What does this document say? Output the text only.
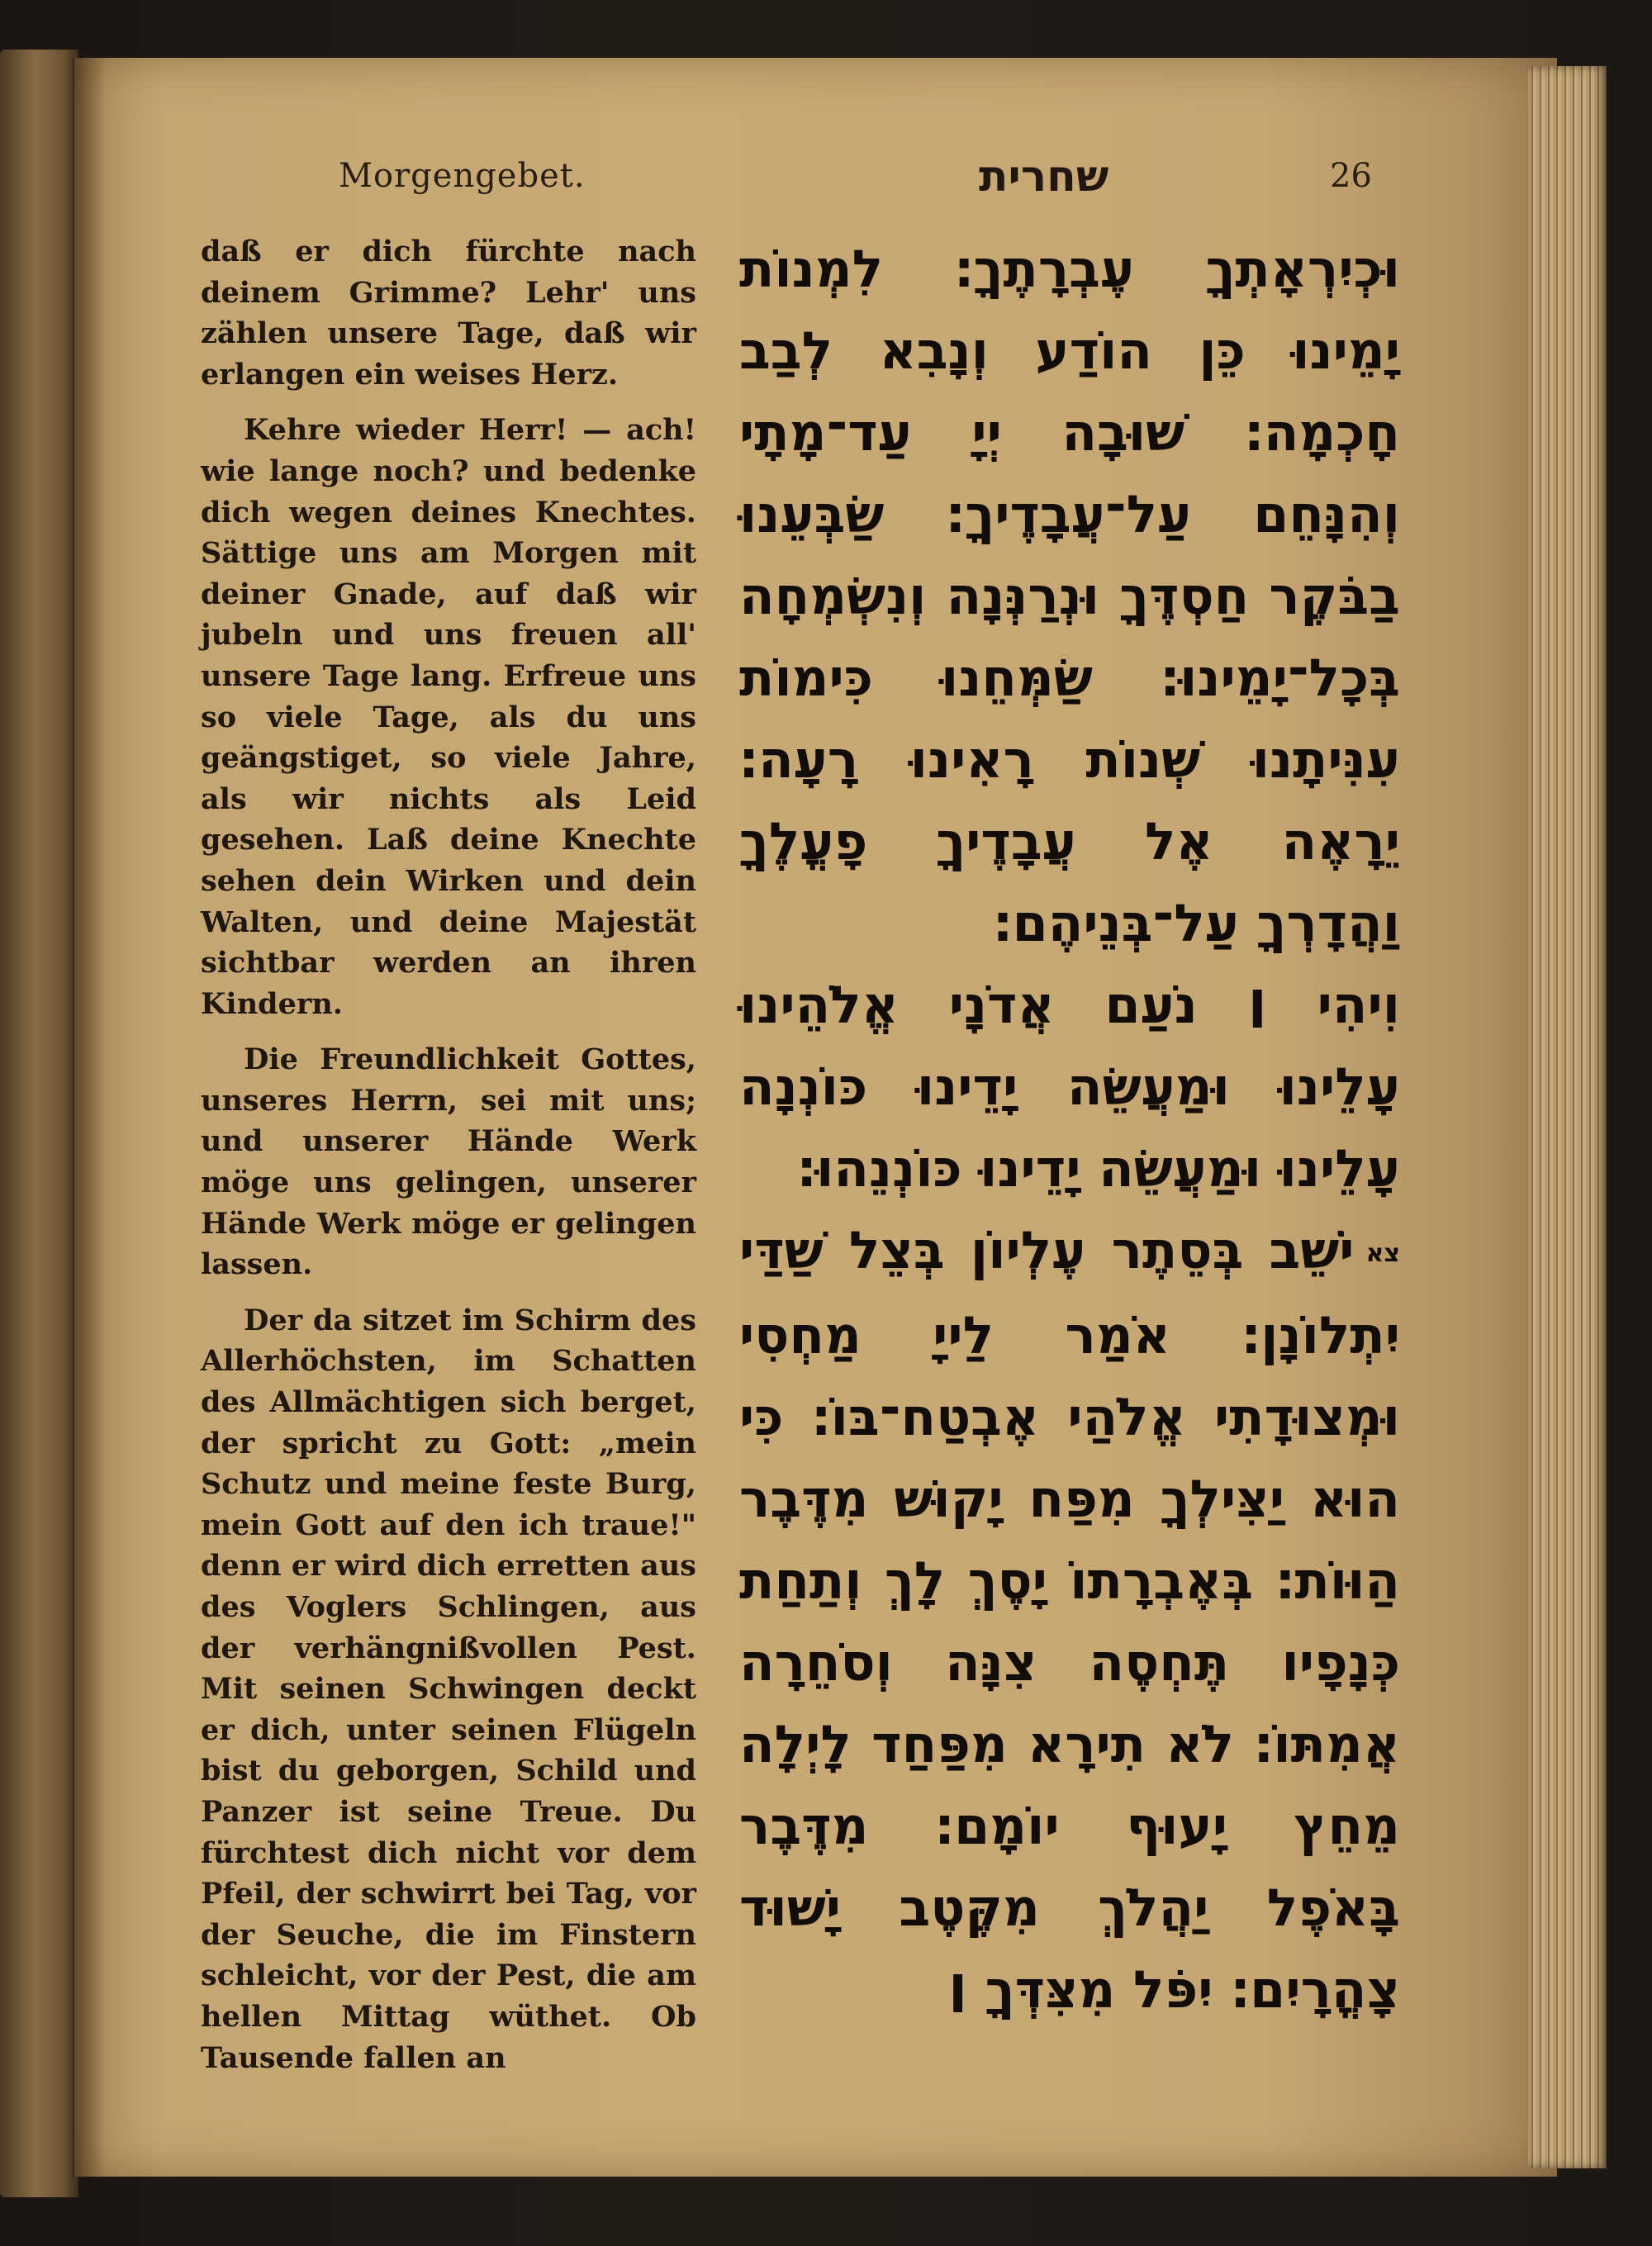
Morgengebet.	שחרית	26

daß er dich fürchte nach deinem Grimme? Lehr' uns zählen unsere Tage, daß wir erlangen ein weises Herz.

Kehre wieder Herr! — ach! wie lange noch? und bedenke dich wegen deines Knechtes. Sättige uns am Morgen mit deiner Gnade, auf daß wir jubeln und uns freuen all' unsere Tage lang. Erfreue uns so viele Tage, als du uns geängstiget, so viele Jahre, als wir nichts als Leid gesehen. Laß deine Knechte sehen dein Wirken und dein Walten, und deine Majestät sichtbar werden an ihren Kindern.

Die Freundlichkeit Gottes, unseres Herrn, sei mit uns; und unserer Hände Werk möge uns gelingen, unserer Hände Werk möge er gelingen lassen.

Der da sitzet im Schirm des Allerhöchsten, im Schatten des Allmächtigen sich berget, der spricht zu Gott: „mein Schutz und meine feste Burg, mein Gott auf den ich traue!" denn er wird dich erretten aus des Voglers Schlingen, aus der verhängnißvollen Pest. Mit seinen Schwingen deckt er dich, unter seinen Flügeln bist du geborgen, Schild und Panzer ist seine Treue. Du fürchtest dich nicht vor dem Pfeil, der schwirrt bei Tag, vor der Seuche, die im Finstern schleicht, vor der Pest, die am hellen Mittag wüthet. Ob Tausende fallen an

וּכְיִרְאָתְךָ עֶבְרָתֶךָ׃ לִמְנוֹת יָמֵינוּ כֵּן הוֹדַע וְנָבִא לְבַב חָכְמָה׃ שׁוּבָה יְיָ עַד־מָתָי וְהִנָּחֵם עַל־עֲבָדֶיךָ׃ שַׂבְּעֵנוּ בַבֹּקֶר חַסְדֶּךָ וּנְרַנְּנָה וְנִשְׂמְחָה בְּכָל־יָמֵינוּ׃ שַׂמְּחֵנוּ כִּימוֹת עִנִּיתָנוּ שְׁנוֹת רָאִינוּ רָעָה׃ יֵרָאֶה אֶל עֲבָדֶיךָ פָעֳלֶךָ וַהֲדָרְךָ עַל־בְּנֵיהֶם׃

וִיהִי ׀ נֹעַם אֲדֹנָי אֱלֹהֵינוּ עָלֵינוּ וּמַעֲשֵׂה יָדֵינוּ כּוֹנְנָה עָלֵינוּ וּמַעֲשֵׂה יָדֵינוּ כּוֹנְנֵהוּ׃

צאיֹשֵׁב בְּסֵתֶר עֶלְיוֹן בְּצֵל שַׁדַּי יִתְלוֹנָן׃ אֹמַר לַייָ מַחְסִי וּמְצוּדָתִי אֱלֹהַי אֶבְטַח־בּוֹ׃ כִּי הוּא יַצִּילְךָ מִפַּח יָקוּשׁ מִדֶּבֶר הַוּוֹת׃ בְּאֶבְרָתוֹ יָסֶךְ לָךְ וְתַחַת כְּנָפָיו תֶּחְסֶה צִנָּה וְסֹחֵרָה אֲמִתּוֹ׃ לֹא תִירָא מִפַּחַד לָיְלָה מֵחֵץ יָעוּף יוֹמָם׃ מִדֶּבֶר בָּאֹפֶל יַהֲלֹךְ מִקֶּטֶב יָשׁוּד צָהֳרָיִם׃ יִפֹּל מִצִּדְּךָ ׀
